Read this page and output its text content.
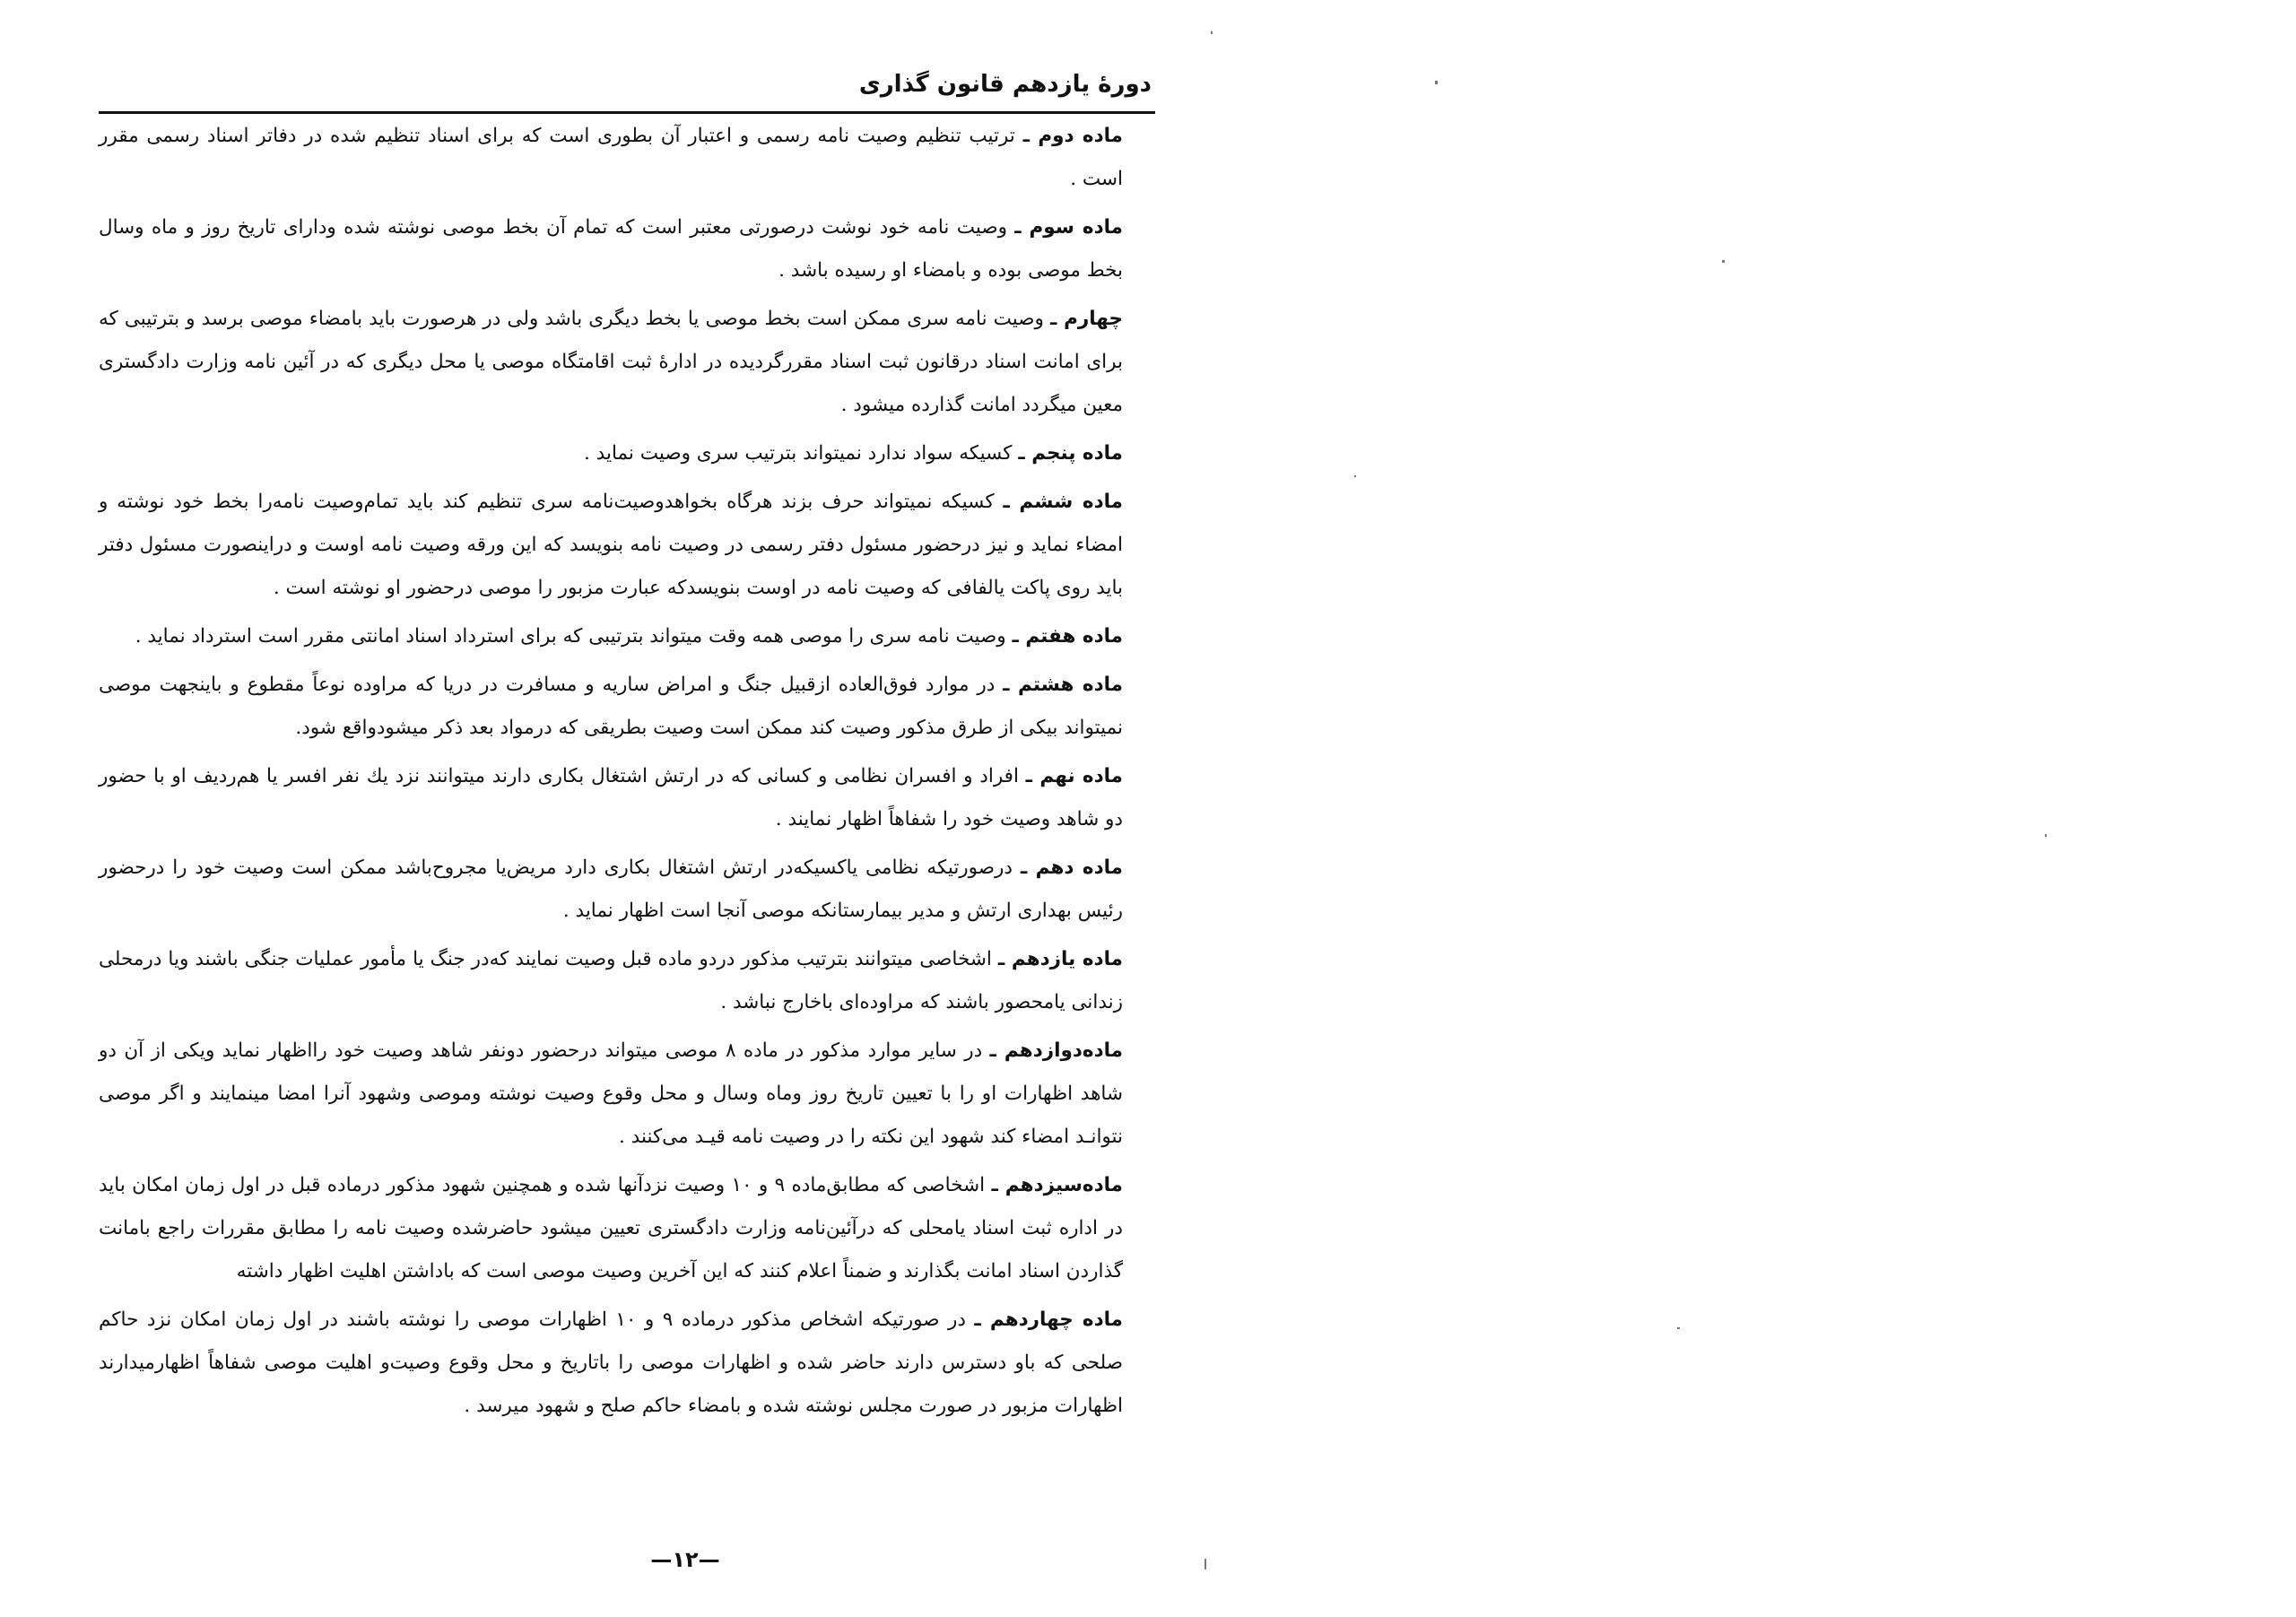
دورهٔ یازدهم قانون گذاری

ماده دوم ـ ترتیب تنظیم وصیت نامه رسمی و اعتبار آن بطوری است که برای اسناد تنظیم شده در دفاتر اسناد رسمی مقرر است .

ماده سوم ـ وصیت نامه خود نوشت درصورتی معتبر است که تمام آن بخط موصی نوشته شده ودارای تاریخ روز و ماه وسال بخط موصی بوده و بامضاء او رسیده باشد .

چهارم ـ وصیت نامه سری ممکن است بخط موصی یا بخط دیگری باشد ولی در هرصورت باید بامضاء موصی برسد و بترتیبی که برای امانت اسناد درقانون ثبت اسناد مقررگردیده در ادارهٔ ثبت اقامتگاه موصی یا محل دیگری که در آئین نامه وزارت دادگستری معین میگردد امانت گذارده میشود .

ماده پنجم ـ کسیکه سواد ندارد نمیتواند بترتیب سری وصیت نماید .

ماده ششم ـ کسیکه نمیتواند حرف بزند هرگاه بخواهدوصیت‌نامه سری تنظیم کند باید تمام‌وصیت نامه‌را بخط خود نوشته و امضاء نماید و نیز درحضور مسئول دفتر رسمی در وصیت نامه بنویسد که این ورقه وصیت نامه اوست و دراینصورت مسئول دفتر باید روی پاکت یالفافی که وصیت نامه در اوست بنویسدکه عبارت مزبور را موصی درحضور او نوشته است .

ماده هفتم ـ وصیت نامه سری را موصی همه وقت میتواند بترتیبی که برای استرداد اسناد امانتی مقرر است استرداد نماید .

ماده هشتم ـ در موارد فوق‌العاده ازقبیل جنگ و امراض ساریه و مسافرت در دریا که مراوده نوعاً مقطوع و باینجهت موصی نمیتواند بیکی از طرق مذکور وصیت کند ممکن است وصیت بطریقی که درمواد بعد ذکر میشودواقع شود.

ماده نهم ـ افراد و افسران نظامی و کسانی که در ارتش اشتغال بکاری دارند میتوانند نزد یك نفر افسر یا هم‌ردیف او با حضور دو شاهد وصیت خود را شفاهاً اظهار نمایند .

ماده دهم ـ درصورتیکه نظامی یاکسیکه‌در ارتش اشتغال بکاری دارد مریض‌یا مجروح‌باشد ممکن است وصیت خود را درحضور رئیس بهداری ارتش و مدیر بیمارستانکه موصی آنجا است اظهار نماید .

ماده یازدهم ـ اشخاصی میتوانند بترتیب مذکور دردو ماده قبل وصیت نمایند که‌در جنگ یا مأمور عملیات جنگی باشند ویا درمحلی زندانی یامحصور باشند که مراوده‌ای باخارج نباشد .

ماده‌دوازدهم ـ در سایر موارد مذکور در ماده ۸ موصی میتواند درحضور دونفر شاهد وصیت خود رااظهار نماید ویکی از آن دو شاهد اظهارات او را با تعیین تاریخ روز وماه وسال و محل وقوع وصیت نوشته وموصی وشهود آنرا امضا مینمایند و اگر موصی نتوانـد امضاء کند شهود این نکته را در وصیت نامه قیـد می‌کنند .

ماده‌سیزدهم ـ اشخاصی که مطابق‌ماده ۹ و ۱۰ وصیت نزدآنها شده و همچنین شهود مذکور درماده قبل در اول زمان امکان باید در اداره ثبت اسناد یامحلی که درآئین‌نامه وزارت دادگستری تعیین میشود حاضرشده وصیت نامه را مطابق مقررات راجع بامانت گذاردن اسناد امانت بگذارند و ضمناً اعلام کنند که این آخرین وصیت موصی است که باداشتن اهلیت اظهار داشته

ماده چهاردهم ـ در صورتیکه اشخاص مذکور درماده ۹ و ۱۰ اظهارات موصی را نوشته باشند در اول زمان امکان نزد حاکم صلحی که باو دسترس دارند حاضر شده و اظهارات موصی را باتاریخ و محل وقوع وصیت‌و اهلیت موصی شفاهاً اظهارمیدارند اظهارات مزبور در صورت مجلس نوشته شده و بامضاء حاکم صلح و شهود میرسد .

—۱۲—
